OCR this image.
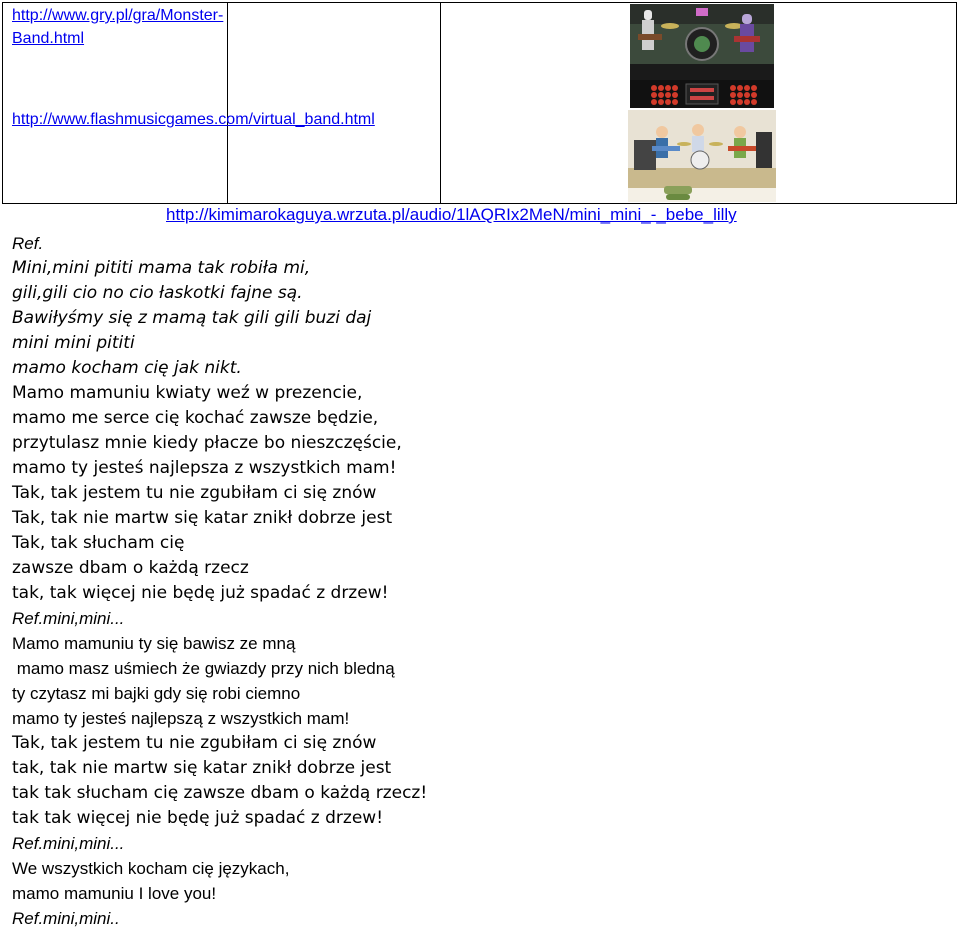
http://www.gry.pl/gra/Monster-Band.html
http://www.flashmusicgames.com/virtual_band.html
http://kimimarokaguya.wrzuta.pl/audio/1lAQRIx2MeN/mini_mini_-_bebe_lilly
Ref.
Mini,mini pititi mama tak robiła mi,
gili,gili cio no cio łaskotki fajne są.
Bawiłyśmy się z mamą tak gili gili buzi daj
mini mini pititi
mamo kocham cię jak nikt.
Mamo mamuniu kwiaty weź w prezencie,
mamo me serce cię kochać zawsze będzie,
przytulasz mnie kiedy płacze bo nieszczęście,
mamo ty jesteś najlepsza z wszystkich mam!
Tak, tak jestem tu nie zgubiłam ci się znów
Tak, tak nie martw się katar znikł dobrze jest
Tak, tak słucham cię
zawsze dbam o każdą rzecz
tak, tak więcej nie będę już spadać z drzew!
Ref.mini,mini...
Mamo mamuniu ty się bawisz ze mną
mamo masz uśmiech że gwiazdy przy nich bledną
ty czytasz mi bajki gdy się robi ciemno
mamo ty jesteś najlepszą z wszystkich mam!
Tak, tak jestem tu nie zgubiłam ci się znów
tak, tak nie martw się katar znikł dobrze jest
tak tak słucham cię zawsze dbam o każdą rzecz!
tak tak więcej nie będę już spadać z drzew!
Ref.mini,mini...
We wszystkich kocham cię językach,
mamo mamuniu I love you!
Ref.mini,mini..
